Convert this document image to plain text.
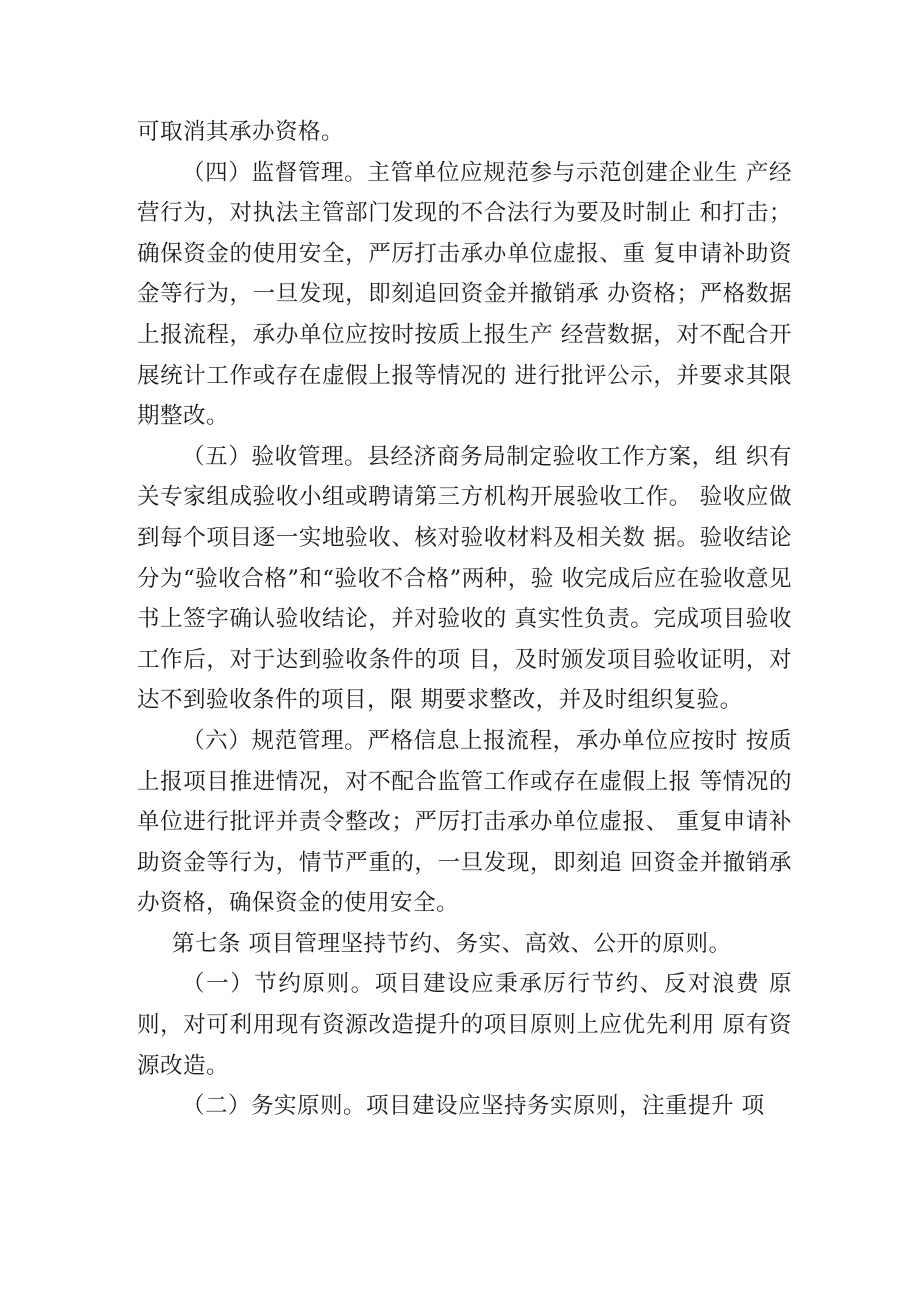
可取消其承办资格。

（四）监督管理。主管单位应规范参与示范创建企业生 产经营行为，对执法主管部门发现的不合法行为要及时制止 和打击；确保资金的使用安全，严厉打击承办单位虚报、重 复申请补助资金等行为，一旦发现，即刻追回资金并撤销承 办资格；严格数据上报流程，承办单位应按时按质上报生产 经营数据，对不配合开展统计工作或存在虚假上报等情况的 进行批评公示，并要求其限期整改。

（五）验收管理。县经济商务局制定验收工作方案，组 织有关专家组成验收小组或聘请第三方机构开展验收工作。 验收应做到每个项目逐一实地验收、核对验收材料及相关数 据。验收结论分为“验收合格”和“验收不合格”两种，验 收完成后应在验收意见书上签字确认验收结论，并对验收的 真实性负责。完成项目验收工作后，对于达到验收条件的项 目，及时颁发项目验收证明，对达不到验收条件的项目，限 期要求整改，并及时组织复验。

（六）规范管理。严格信息上报流程，承办单位应按时 按质上报项目推进情况，对不配合监管工作或存在虚假上报 等情况的单位进行批评并责令整改；严厉打击承办单位虚报、 重复申请补助资金等行为，情节严重的，一旦发现，即刻追 回资金并撤销承办资格，确保资金的使用安全。

第七条 项目管理坚持节约、务实、高效、公开的原则。

（一）节约原则。项目建设应秉承厉行节约、反对浪费 原则，对可利用现有资源改造提升的项目原则上应优先利用 原有资源改造。

（二）务实原则。项目建设应坚持务实原则，注重提升 项
